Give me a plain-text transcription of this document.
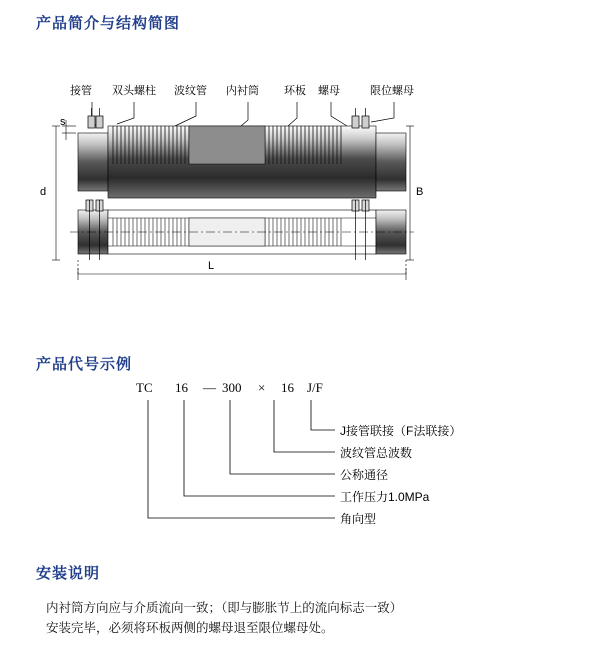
产品简介与结构简图
产品代号示例
安装说明
接管 双头螺柱 波纹管 内衬筒 环板 螺母	限位螺母
s
d	B
L
TC 16 — 300 × 16 J/F
J接管联接（F法联接）
波纹管总波数
公称通径
工作压力1.0MPa
角向型
内衬筒方向应与介质流向一致；（即与膨胀节上的流向标志一致）
安装完毕，必须将环板两侧的螺母退至限位螺母处。
